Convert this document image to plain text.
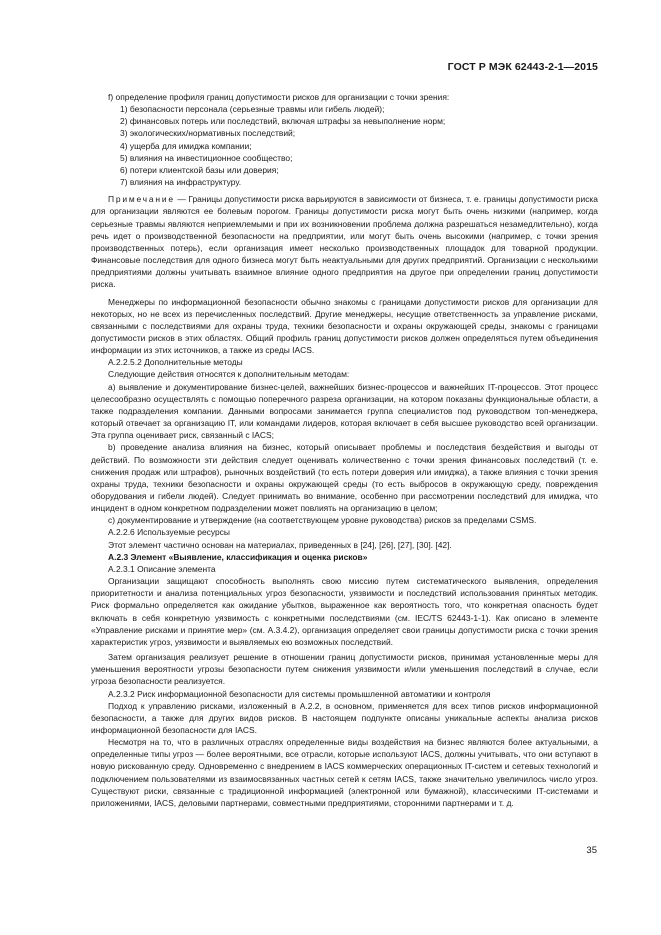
ГОСТ Р МЭК 62443-2-1—2015

f) определение профиля границ допустимости рисков для организации с точки зрения:

1) безопасности персонала (серьезные травмы или гибель людей);

2) финансовых потерь или последствий, включая штрафы за невыполнение норм;

3) экологических/нормативных последствий;

4) ущерба для имиджа компании;

5) влияния на инвестиционное сообщество;

6) потери клиентской базы или доверия;

7) влияния на инфраструктуру.

Примечание — Границы допустимости риска варьируются в зависимости от бизнеса, т. е. границы допустимости риска для организации являются ее болевым порогом. Границы допустимости риска могут быть очень низкими (например, когда серьезные травмы являются неприемлемыми и при их возникновении проблема должна разрешаться незамедлительно), когда речь идет о производственной безопасности на предприятии, или могут быть очень высокими (например, с точки зрения производственных потерь), если организация имеет несколько производственных площадок для товарной продукции. Финансовые последствия для одного бизнеса могут быть неактуальными для других предприятий. Организации с несколькими предприятиями должны учитывать взаимное влияние одного предприятия на другое при определении границ допустимости риска.

Менеджеры по информационной безопасности обычно знакомы с границами допустимости рисков для организации для некоторых, но не всех из перечисленных последствий. Другие менеджеры, несущие ответственность за управление рисками, связанными с последствиями для охраны труда, техники безопасности и охраны окружающей среды, знакомы с границами допустимости рисков в этих областях. Общий профиль границ допустимости рисков должен определяться путем объединения информации из этих источников, а также из среды IACS.

А.2.2.5.2 Дополнительные методы

Следующие действия относятся к дополнительным методам:

а) выявление и документирование бизнес-целей, важнейших бизнес-процессов и важнейших IT-процессов. Этот процесс целесообразно осуществлять с помощью поперечного разреза организации, на котором показаны функциональные области, а также подразделения компании. Данными вопросами занимается группа специалистов под руководством топ-менеджера, который отвечает за организацию IT, или командами лидеров, которая включает в себя высшее руководство всей организации. Эта группа оценивает риск, связанный с IACS;

b) проведение анализа влияния на бизнес, который описывает проблемы и последствия бездействия и выгоды от действий. По возможности эти действия следует оценивать количественно с точки зрения финансовых последствий (т. е. снижения продаж или штрафов), рыночных воздействий (то есть потери доверия или имиджа), а также влияния с точки зрения охраны труда, техники безопасности и охраны окружающей среды (то есть выбросов в окружающую среду, повреждения оборудования и гибели людей). Следует принимать во внимание, особенно при рассмотрении последствий для имиджа, что инцидент в одном конкретном подразделении может повлиять на организацию в целом;

c) документирование и утверждение (на соответствующем уровне руководства) рисков за пределами CSMS.

А.2.2.6 Используемые ресурсы

Этот элемент частично основан на материалах, приведенных в [24], [26], [27], [30]. [42].

А.2.3 Элемент «Выявление, классификация и оценка рисков»

А.2.3.1 Описание элемента

Организации защищают способность выполнять свою миссию путем систематического выявления, определения приоритетности и анализа потенциальных угроз безопасности, уязвимости и последствий использования принятых методик. Риск формально определяется как ожидание убытков, выраженное как вероятность того, что конкретная опасность будет включать в себя конкретную уязвимость с конкретными последствиями (см. IEC/TS 62443-1-1). Как описано в элементе «Управление рисками и принятие мер» (см. А.3.4.2), организация определяет свои границы допустимости риска с точки зрения характеристик угроз, уязвимости и выявляемых ею возможных последствий.

Затем организация реализует решение в отношении границ допустимости рисков, принимая установленные меры для уменьшения вероятности угрозы безопасности путем снижения уязвимости и/или уменьшения последствий в случае, если угроза безопасности реализуется.

А.2.3.2 Риск информационной безопасности для системы промышленной автоматики и контроля

Подход к управлению рисками, изложенный в А.2.2, в основном, применяется для всех типов рисков информационной безопасности, а также для других видов рисков. В настоящем подпункте описаны уникальные аспекты анализа рисков информационной безопасности для IACS.

Несмотря на то, что в различных отраслях определенные виды воздействия на бизнес являются более актуальными, а определенные типы угроз — более вероятными, все отрасли, которые используют IACS, должны учитывать, что они вступают в новую рискованную среду. Одновременно с внедрением в IACS коммерческих операционных IT-систем и сетевых технологий и подключением пользователями из взаимосвязанных частных сетей к сетям IACS, также значительно увеличилось число угроз. Существуют риски, связанные с традиционной информацией (электронной или бумажной), классическими IT-системами и приложениями, IACS, деловыми партнерами, совместными предприятиями, сторонними партнерами и т. д.

35
